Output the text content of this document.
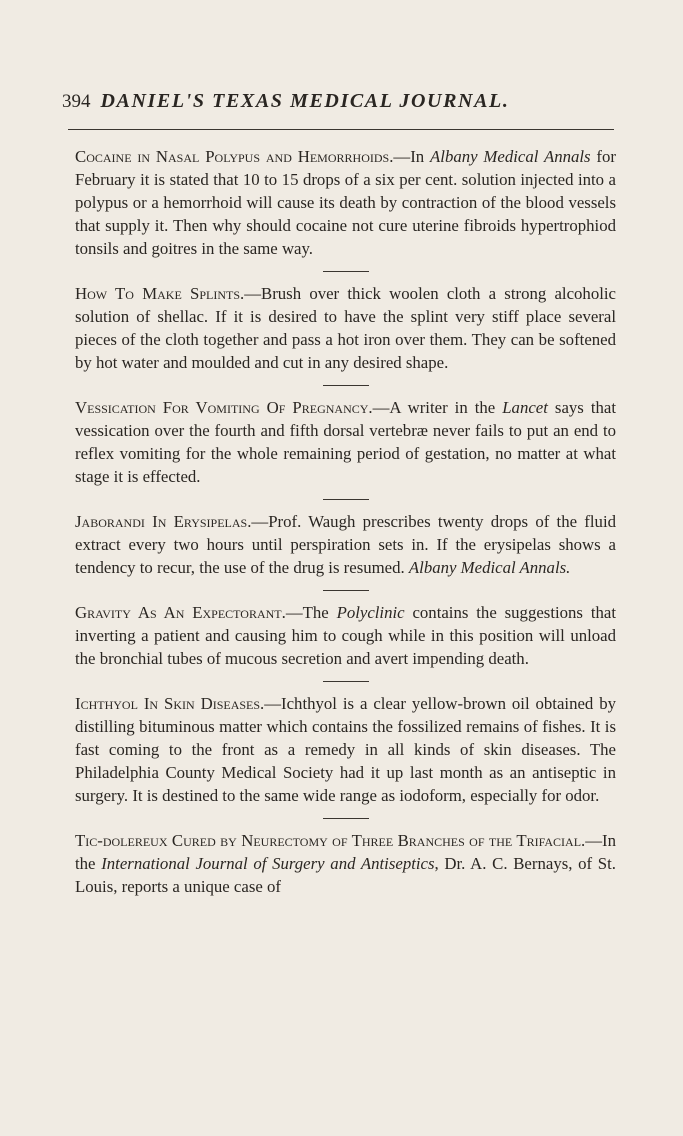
394 DANIEL'S TEXAS MEDICAL JOURNAL.

Cocaine in Nasal Polypus and Hemorrhoids.—In Albany Medical Annals for February it is stated that 10 to 15 drops of a six per cent. solution injected into a polypus or a hemorrhoid will cause its death by contraction of the blood vessels that supply it. Then why should cocaine not cure uterine fibroids hypertrophiod tonsils and goitres in the same way.

How To Make Splints.—Brush over thick woolen cloth a strong alcoholic solution of shellac. If it is desired to have the splint very stiff place several pieces of the cloth together and pass a hot iron over them. They can be softened by hot water and moulded and cut in any desired shape.

Vessication For Vomiting Of Pregnancy.—A writer in the Lancet says that vessication over the fourth and fifth dorsal vertebræ never fails to put an end to reflex vomiting for the whole remaining period of gestation, no matter at what stage it is effected.

Jaborandi In Erysipelas.—Prof. Waugh prescribes twenty drops of the fluid extract every two hours until perspiration sets in. If the erysipelas shows a tendency to recur, the use of the drug is resumed. Albany Medical Annals.

Gravity As An Expectorant.—The Polyclinic contains the suggestions that inverting a patient and causing him to cough while in this position will unload the bronchial tubes of mucous secretion and avert impending death.

Ichthyol In Skin Diseases.—Ichthyol is a clear yellow-brown oil obtained by distilling bituminous matter which contains the fossilized remains of fishes. It is fast coming to the front as a remedy in all kinds of skin diseases. The Philadelphia County Medical Society had it up last month as an antiseptic in surgery. It is destined to the same wide range as iodoform, especially for odor.

Tic-dolereux Cured by Neurectomy of Three Branches of the Trifacial.—In the International Journal of Surgery and Antiseptics, Dr. A. C. Bernays, of St. Louis, reports a unique case of
